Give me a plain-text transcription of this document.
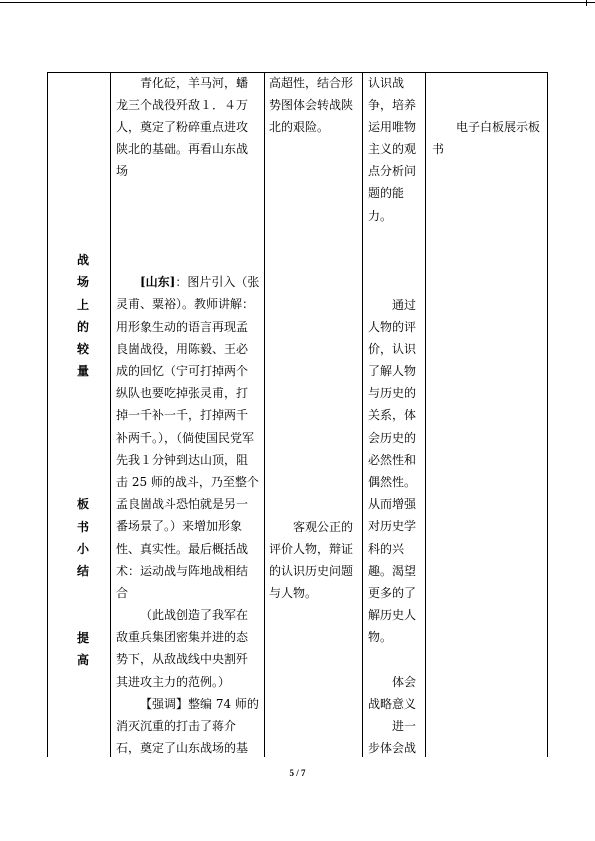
战场上的较量
板书小结
提高
青化砭，羊马河，蟠
龙三个战役歼敌１．４万
人，奠定了粉碎重点进攻
陕北的基础。再看山东战
场
[山东]：图片引入（张
灵甫、粟裕）。教师讲解：
用形象生动的语言再现孟
良崮战役，用陈毅、王必
成的回忆（宁可打掉两个
纵队也要吃掉张灵甫，打
掉一千补一千，打掉两千
补两千。），（倘使国民党军
先我１分钟到达山顶，阻
击 25 师的战斗，乃至整个
孟良崮战斗恐怕就是另一
番场景了。）来增加形象
性、真实性。最后概括战
术：运动战与阵地战相结
合
（此战创造了我军在
敌重兵集团密集并进的态
势下，从敌战线中央割歼
其进攻主力的范例。）
【强调】整编 74 师的
消灭沉重的打击了蒋介
石，奠定了山东战场的基
高超性，结合形
势图体会转战陕
北的艰险。
客观公正的
评价人物，辩证
的认识历史问题
与人物。
认识战
争，培养
运用唯物
主义的观
点分析问
题的能
力。
通过
人物的评
价，认识
了解人物
与历史的
关系，体
会历史的
必然性和
偶然性。
从而增强
对历史学
科的兴
趣。渴望
更多的了
解历史人
物。
体会
战略意义
进一
步体会战
电子白板展示板
书
5 / 7
